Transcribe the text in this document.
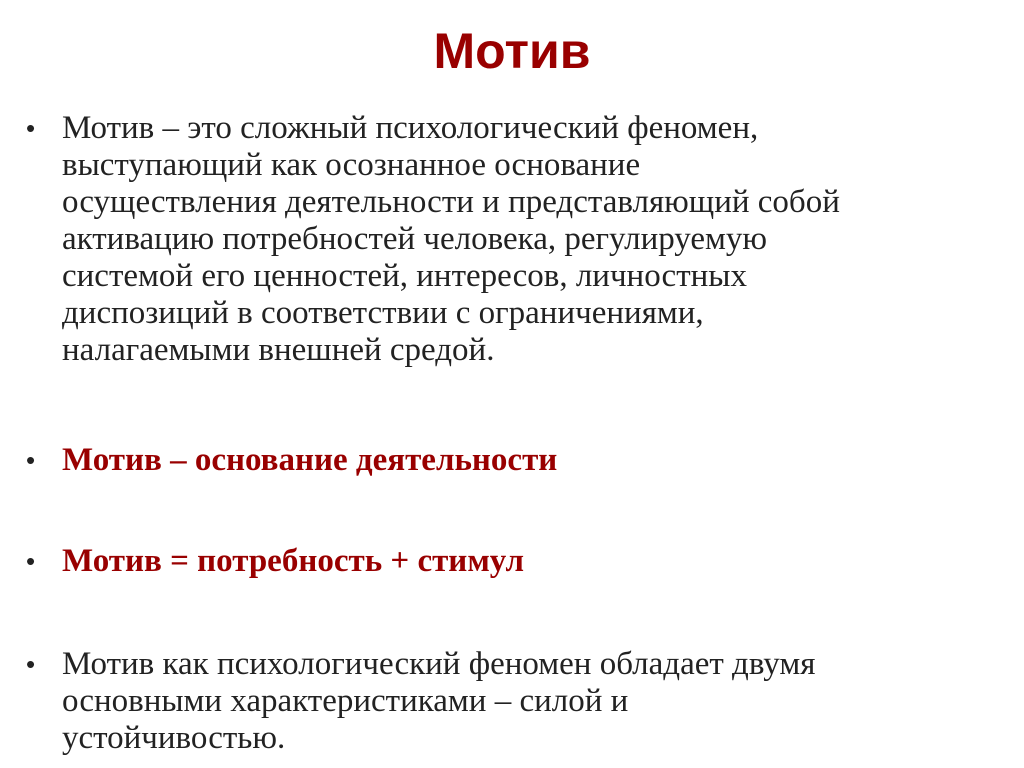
Мотив
• Мотив – это сложный психологический феномен,
выступающий как осознанное основание
осуществления деятельности и представляющий собой
активацию потребностей человека, регулируемую
системой его ценностей, интересов, личностных
диспозиций в соответствии с ограничениями,
налагаемыми внешней средой.
• Мотив – основание деятельности
• Мотив = потребность + стимул
• Мотив как психологический феномен обладает двумя
основными характеристиками – силой и
устойчивостью.
